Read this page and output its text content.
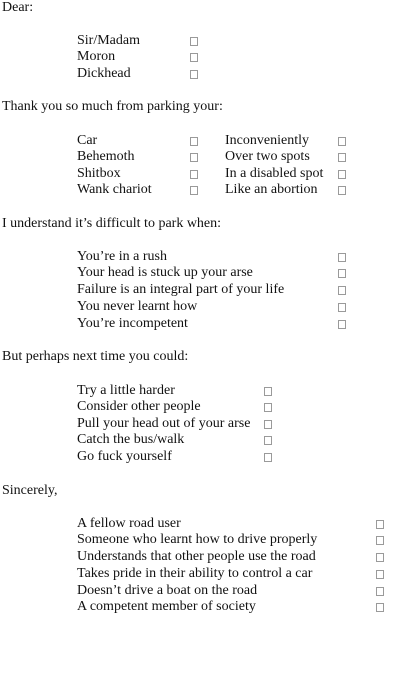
Dear:
Sir/Madam
Moron
Dickhead
Thank you so much from parking your:
Car	Inconveniently
Behemoth	Over two spots
Shitbox	In a disabled spot
Wank chariot	Like an abortion
I understand it’s difficult to park when:
You’re in a rush
Your head is stuck up your arse
Failure is an integral part of your life
You never learnt how
You’re incompetent
But perhaps next time you could:
Try a little harder
Consider other people
Pull your head out of your arse
Catch the bus/walk
Go fuck yourself
Sincerely,
A fellow road user
Someone who learnt how to drive properly
Understands that other people use the road
Takes pride in their ability to control a car
Doesn’t drive a boat on the road
A competent member of society
